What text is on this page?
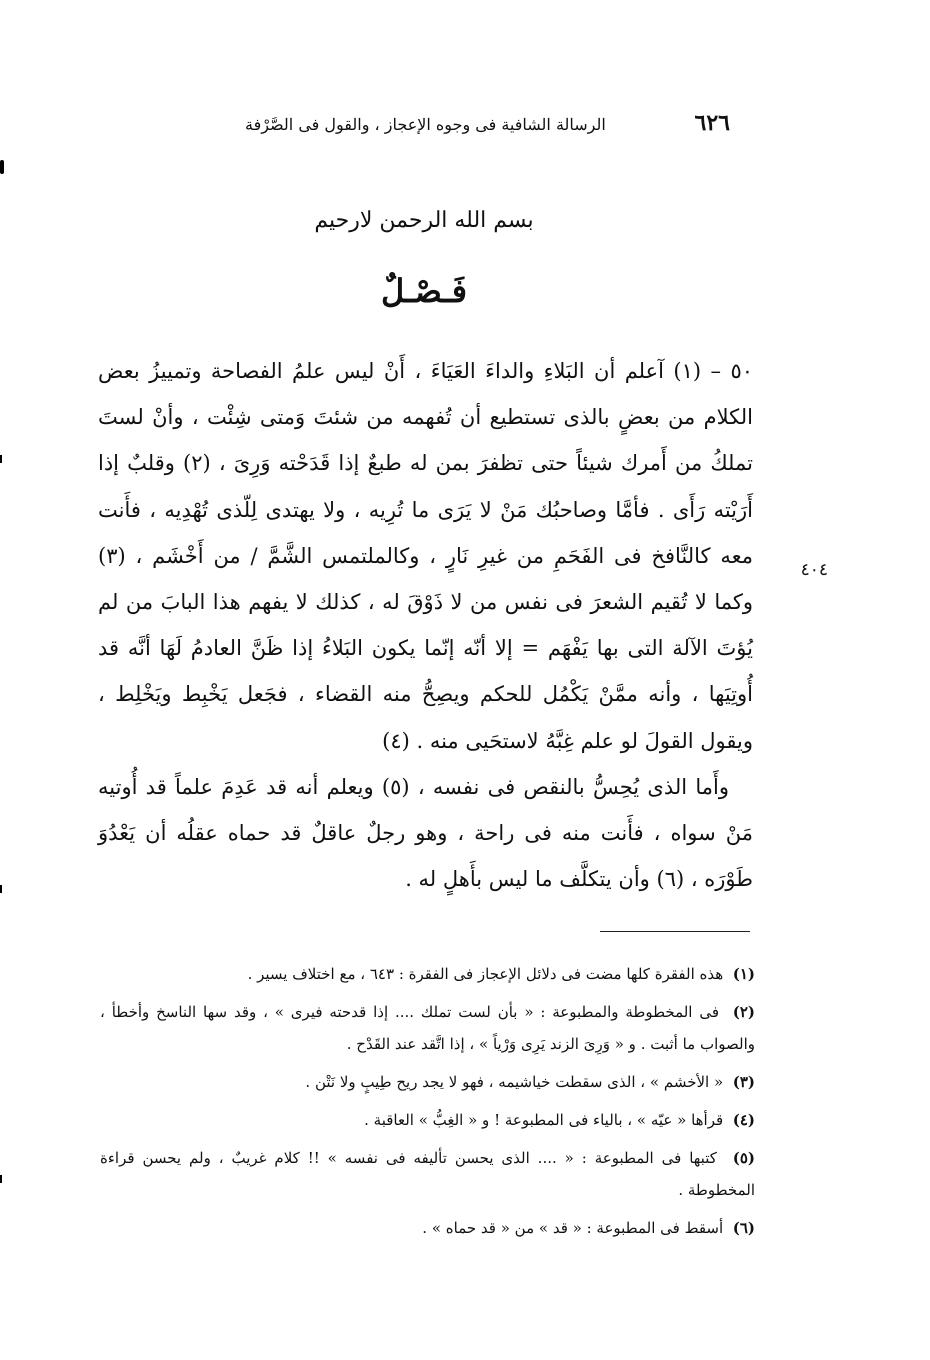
٦٢٦
الرسالة الشافية فى وجوه الإعجاز ، والقول فى الصَّرْفة
بسم الله الرحمن لارحيم
فَـصْـلٌ
٤٠٤

٥٠ – (١) آعلم أن البَلاءِ والداءَ العَيَاءَ ، أَنْ ليس علمُ الفصاحة وتمييزُ بعض الكلام من بعضٍ بالذى تستطيع أن تُفهمه من شئتَ وَمتى شِئْت ، وأنْ لستَ تملكُ من أَمرك شيئاً حتى تظفرَ بمن له طبعٌ إذا قَدَحْته وَرِىَ ، (٢) وقلبٌ إذا أَرَيْته رَأَى . فأمَّا وصاحبُك مَنْ لا يَرَى ما تُرِيه ، ولا يهتدى لِلّذى تُهْدِيه ، فأَنت معه كالنَّافخ فى الفَحَمِ من غيرِ نَارٍ ، وكالملتمس الشَّمَّ / من أَخْشَم ، (٣) وكما لا تُقيم الشعرَ فى نفس من لا ذَوْقَ له ، كذلك لا يفهم هذا البابَ من لم يُؤتَ الآلة التى بها يَفْهَم = إلا أنّه إنّما يكون البَلاءُ إذا ظَنَّ العادمُ لَهَا أنَّه قد أُوتِيَها ، وأنه ممَّنْ يَكْمُل للحكم ويصِحُّ منه القضاء ، فجَعل يَخْبِط ويَخْلِط ، ويقول القولَ لو علم غِبَّهُ لاستحَيى منه . (٤)

وأَما الذى يُحِسُّ بالنقص فى نفسه ، (٥) ويعلم أنه قد عَدِمَ علماً قد أُوتيه مَنْ سواه ، فأَنت منه فى راحة ، وهو رجلٌ عاقلٌ قد حماه عقلُه أن يَعْدُوَ طَوْرَه ، (٦) وأن يتكلَّف ما ليس بأَهلٍ له .

(١)  هذه الفقرة كلها مضت فى دلائل الإعجاز فى الفقرة : ٦٤٣ ، مع اختلاف يسير .

(٢)  فى المخطوطة والمطبوعة : « بأن لست تملك .... إذا قدحته فيرى » ، وقد سها الناسخ وأخطأ ، والصواب ما أثبت . و « وَرِىَ الزند يَرِى وَرْياً » ، إذا اتَّقد عند القَدْح .

(٣)  « الأخشم » ، الذى سقطت خياشيمه ، فهو لا يجد ريح طِيبٍ ولا نَتْن .

(٤)  قرأها « عيّه » ، بالياء فى المطبوعة ! و « الغِبُّ » العاقبة .

(٥)  كتبها فى المطبوعة : « .... الذى يحسن تأليفه فى نفسه » !! كلام غريبٌ ، ولم يحسن قراءة المخطوطة .

(٦)  أسقط فى المطبوعة : « قد » من « قد حماه » .
